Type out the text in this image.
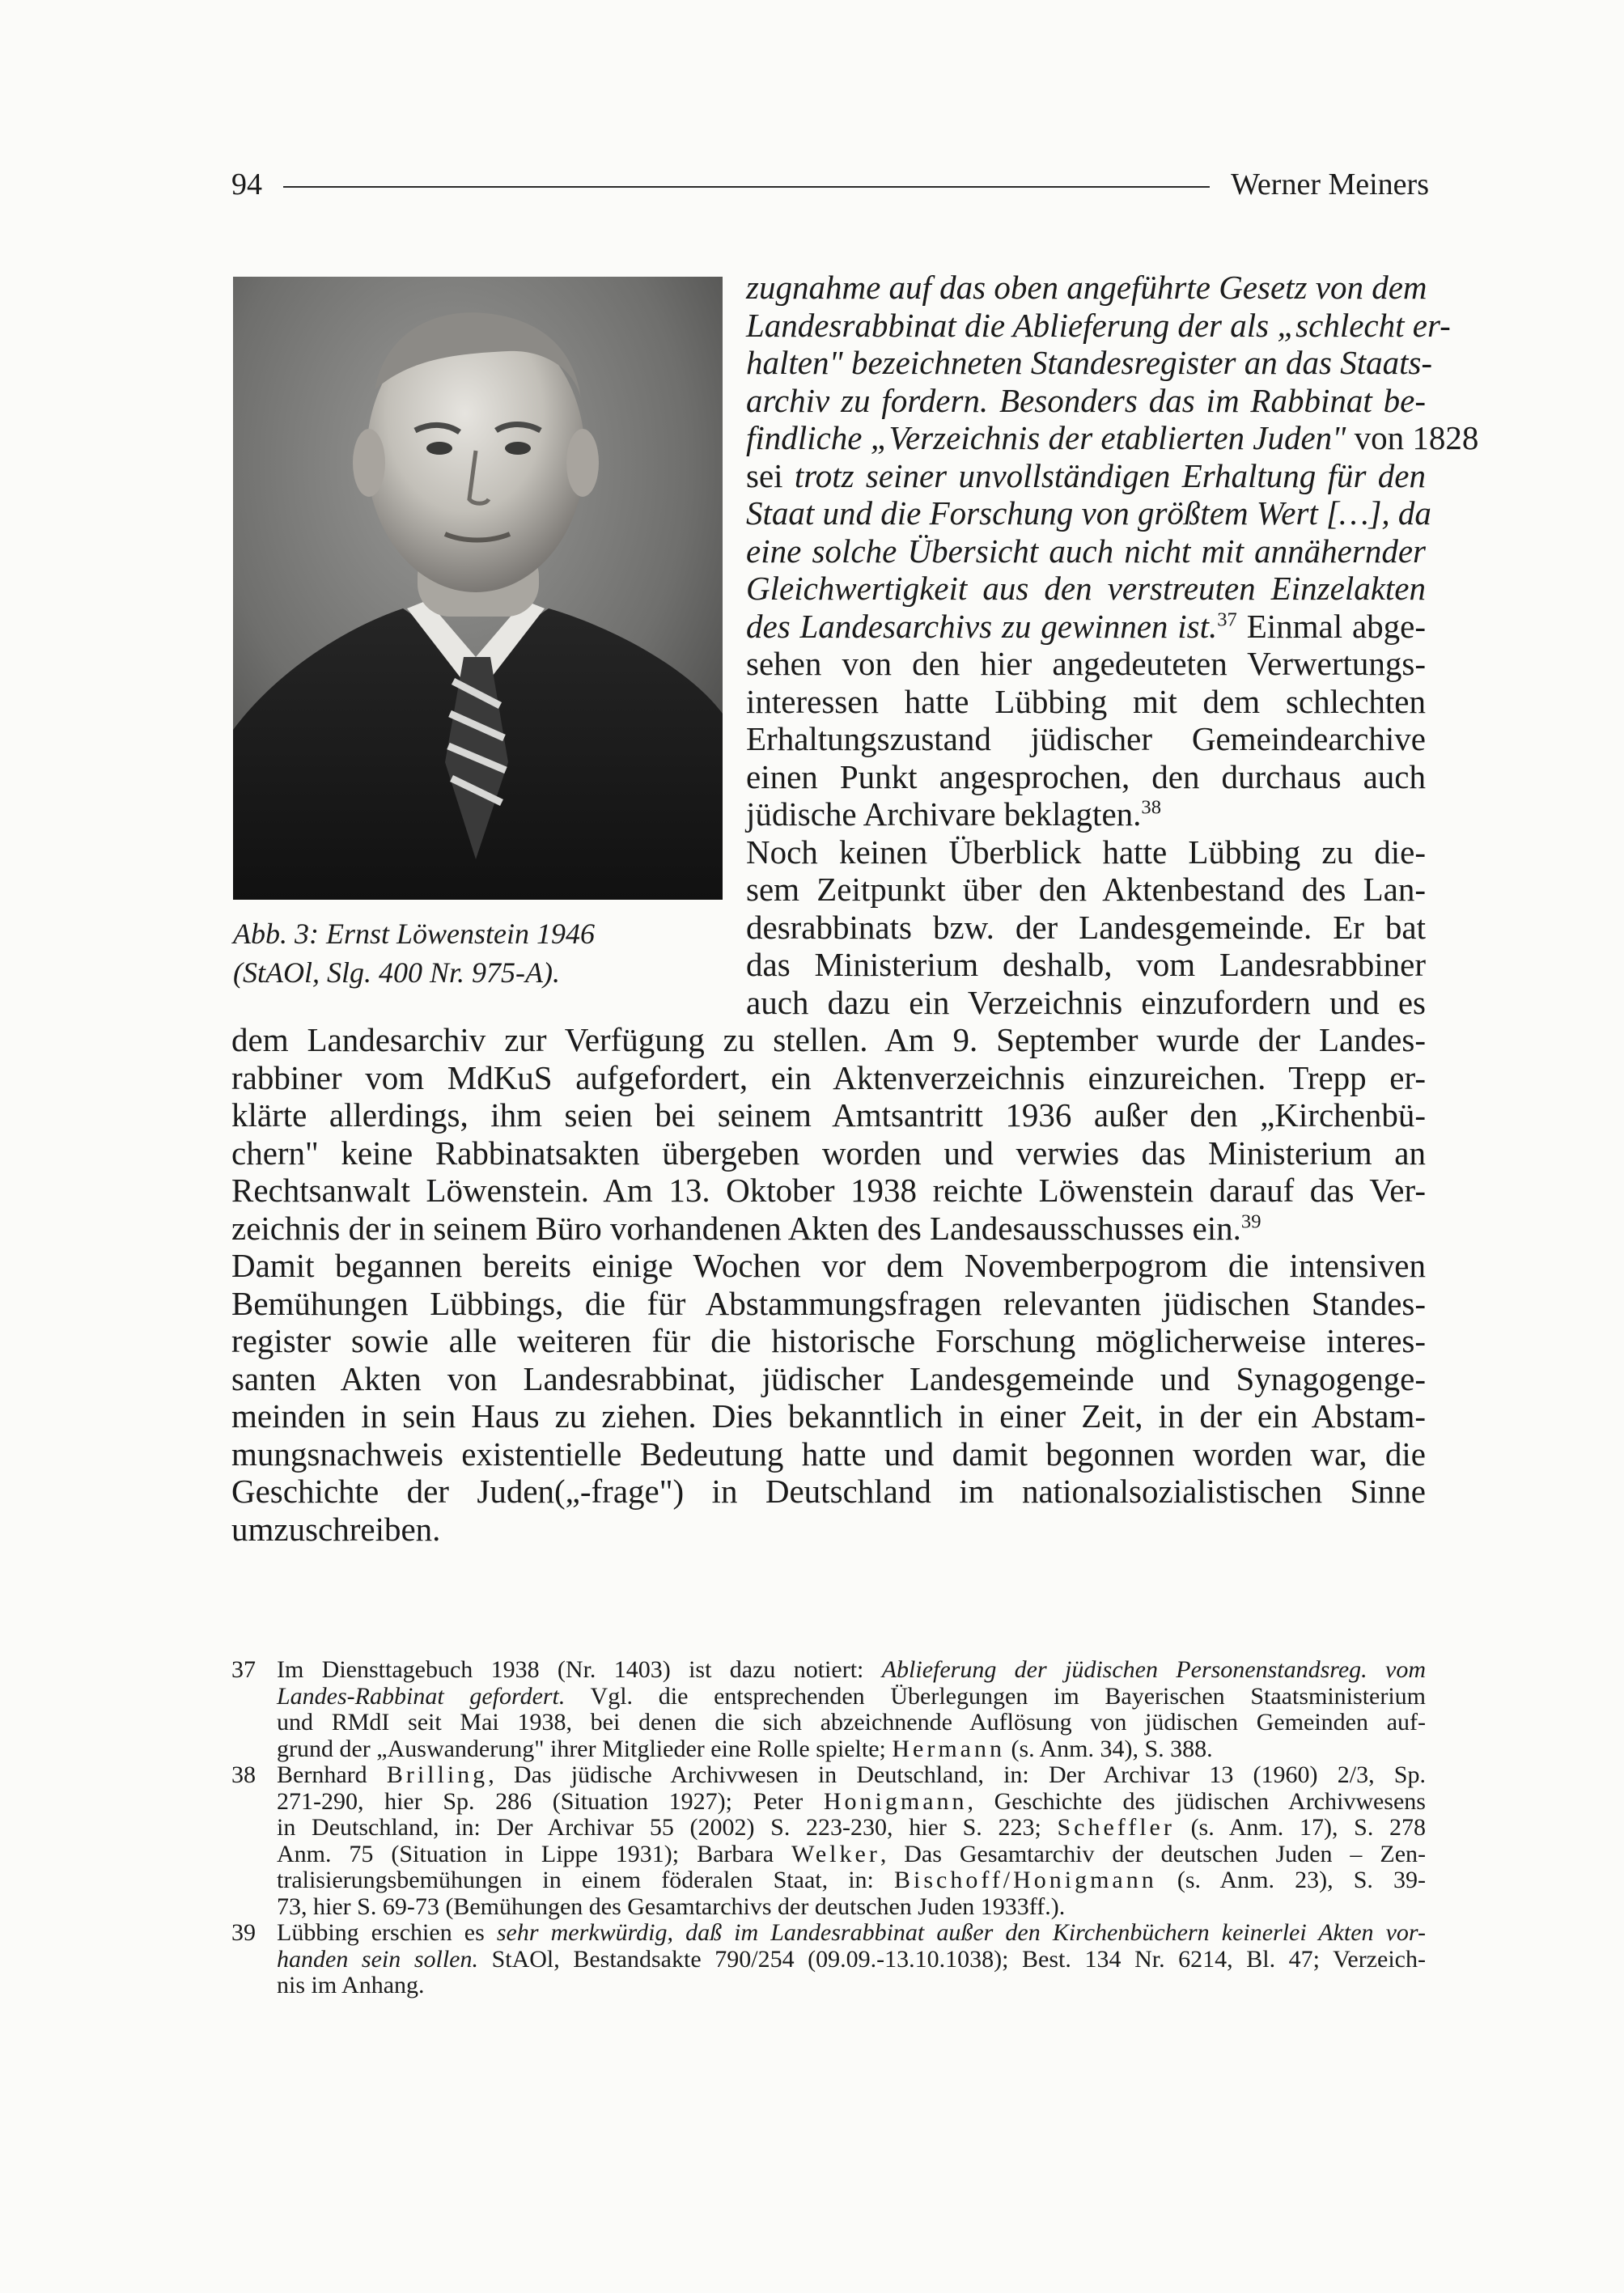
94	Werner Meiners
Abb. 3: Ernst Löwenstein 1946
(StAOl, Slg. 400 Nr. 975-A).
zugnahme auf das oben angeführte Gesetz von dem
Landesrabbinat die Ablieferung der als „schlecht er-
halten" bezeichneten Standesregister an das Staats-
archiv zu fordern. Besonders das im Rabbinat be-
findliche „Verzeichnis der etablierten Juden" von 1828
sei trotz seiner unvollständigen Erhaltung für den
Staat und die Forschung von größtem Wert […], da
eine solche Übersicht auch nicht mit annähernder
Gleichwertigkeit aus den verstreuten Einzelakten
des Landesarchivs zu gewinnen ist.$^{37}$ Einmal abge-
sehen von den hier angedeuteten Verwertungs-
interessen hatte Lübbing mit dem schlechten
Erhaltungszustand jüdischer Gemeindearchive
einen Punkt angesprochen, den durchaus auch
jüdische Archivare beklagten.$^{38}$
Noch keinen Überblick hatte Lübbing zu die-
sem Zeitpunkt über den Aktenbestand des Lan-
desrabbinats bzw. der Landesgemeinde. Er bat
das Ministerium deshalb, vom Landesrabbiner
auch dazu ein Verzeichnis einzufordern und es
dem Landesarchiv zur Verfügung zu stellen. Am 9. September wurde der Landes-
rabbiner vom MdKuS aufgefordert, ein Aktenverzeichnis einzureichen. Trepp er-
klärte allerdings, ihm seien bei seinem Amtsantritt 1936 außer den „Kirchenbü-
chern" keine Rabbinatsakten übergeben worden und verwies das Ministerium an
Rechtsanwalt Löwenstein. Am 13. Oktober 1938 reichte Löwenstein darauf das Ver-
zeichnis der in seinem Büro vorhandenen Akten des Landesausschusses ein.$^{39}$
Damit begannen bereits einige Wochen vor dem Novemberpogrom die intensiven
Bemühungen Lübbings, die für Abstammungsfragen relevanten jüdischen Standes-
register sowie alle weiteren für die historische Forschung möglicherweise interes-
santen Akten von Landesrabbinat, jüdischer Landesgemeinde und Synagogenge-
meinden in sein Haus zu ziehen. Dies bekanntlich in einer Zeit, in der ein Abstam-
mungsnachweis existentielle Bedeutung hatte und damit begonnen worden war, die
Geschichte der Juden(„-frage") in Deutschland im nationalsozialistischen Sinne
umzuschreiben.
37 Im Diensttagebuch 1938 (Nr. 1403) ist dazu notiert: Ablieferung der jüdischen Personenstandsreg. vom
Landes-Rabbinat gefordert. Vgl. die entsprechenden Überlegungen im Bayerischen Staatsministerium
und RMdI seit Mai 1938, bei denen die sich abzeichnende Auflösung von jüdischen Gemeinden auf-
grund der „Auswanderung" ihrer Mitglieder eine Rolle spielte; Hermann (s. Anm. 34), S. 388.
38 Bernhard Brilling, Das jüdische Archivwesen in Deutschland, in: Der Archivar 13 (1960) 2/3, Sp.
271-290, hier Sp. 286 (Situation 1927); Peter Honigmann, Geschichte des jüdischen Archivwesens
in Deutschland, in: Der Archivar 55 (2002) S. 223-230, hier S. 223; Scheffler (s. Anm. 17), S. 278
Anm. 75 (Situation in Lippe 1931); Barbara Welker, Das Gesamtarchiv der deutschen Juden – Zen-
tralisierungsbemühungen in einem föderalen Staat, in: Bischoff/Honigmann (s. Anm. 23), S. 39-
73, hier S. 69-73 (Bemühungen des Gesamtarchivs der deutschen Juden 1933ff.).
39 Lübbing erschien es sehr merkwürdig, daß im Landesrabbinat außer den Kirchenbüchern keinerlei Akten vor-
handen sein sollen. StAOl, Bestandsakte 790/254 (09.09.-13.10.1038); Best. 134 Nr. 6214, Bl. 47; Verzeich-
nis im Anhang.
